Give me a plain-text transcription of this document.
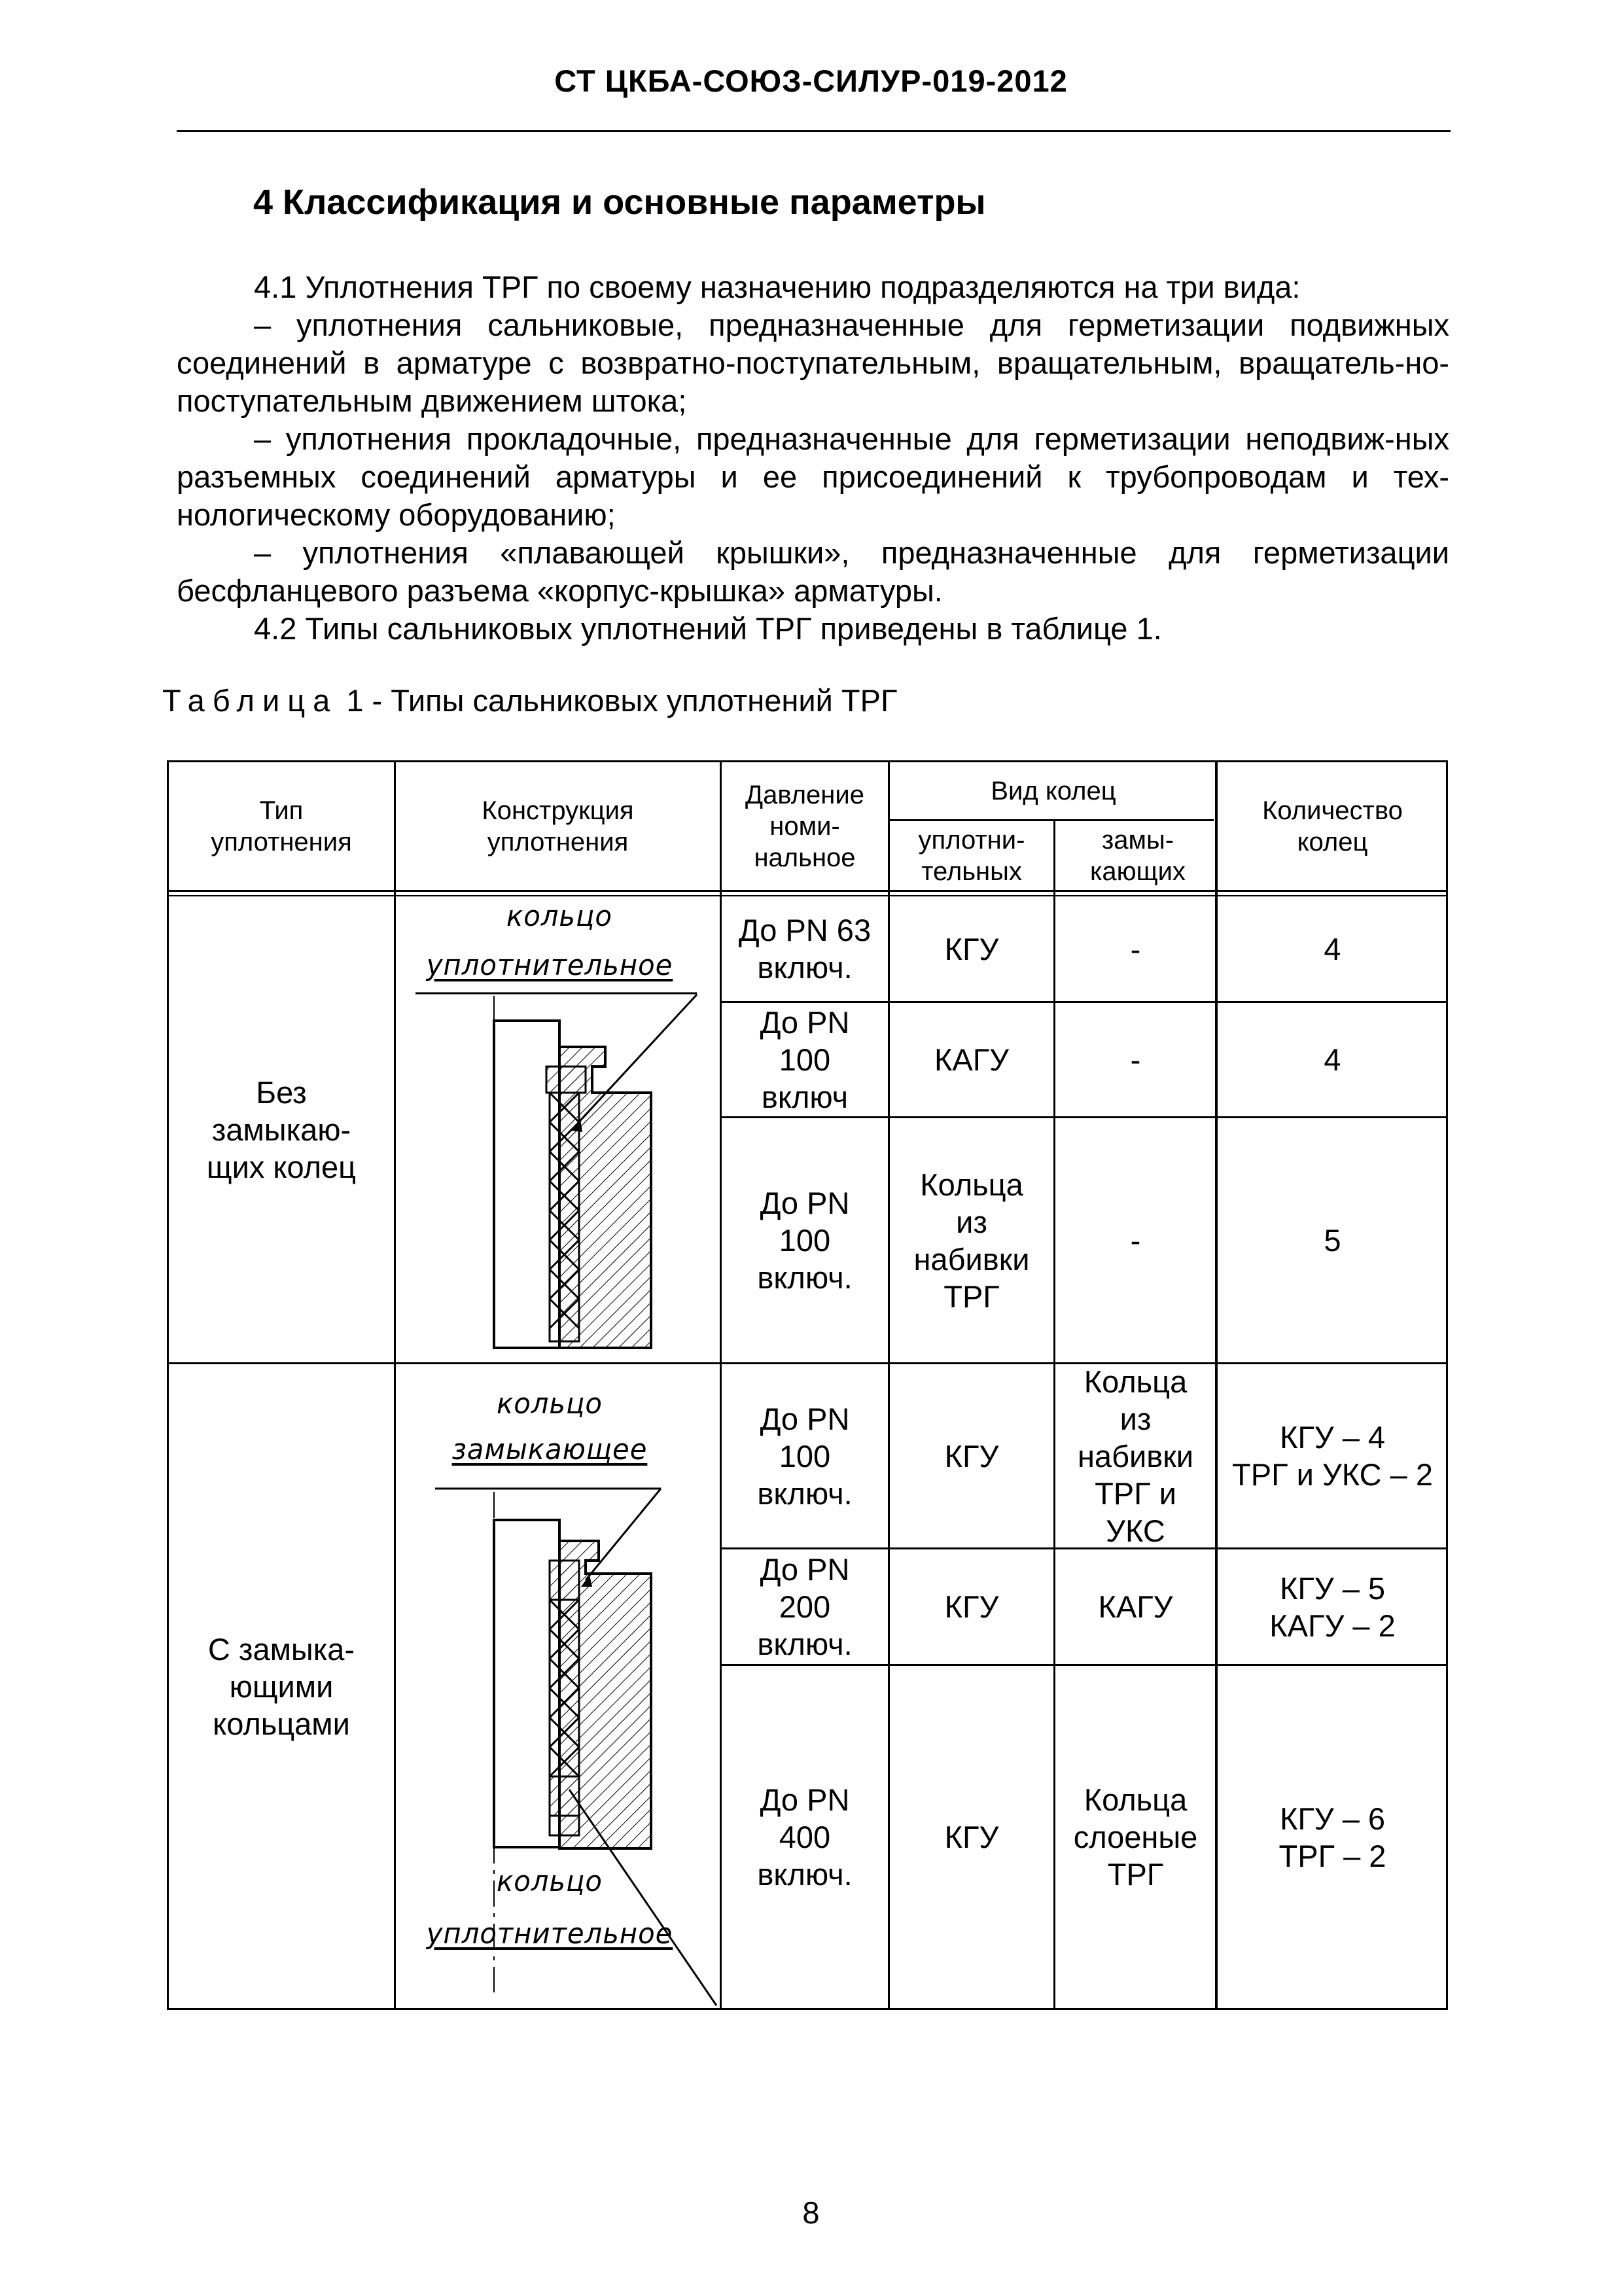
СТ ЦКБА-СОЮЗ-СИЛУР-019-2012
4 Классификация и основные параметры
4.1 Уплотнения ТРГ по своему назначению подразделяются на три вида:
– уплотнения сальниковые, предназначенные для герметизации подвижных соединений в арматуре с возвратно-поступательным, вращательным, вращатель-но-поступательным движением штока;
– уплотнения прокладочные, предназначенные для герметизации неподвиж-ных разъемных соединений арматуры и ее присоединений к трубопроводам и тех-нологическому оборудованию;
– уплотнения «плавающей крышки», предназначенные для герметизации бесфланцевого разъема «корпус-крышка» арматуры.
4.2 Типы сальниковых уплотнений ТРГ приведены в таблице 1.
Таблица 1 - Типы сальниковых уплотнений ТРГ
Тип
уплотнения
Конструкция
уплотнения
Давление
номи-
нальное
Вид колец
уплотни-
тельных
замы-
кающих
Количество
колец
Без
замыкаю-
щих колец
С замыка-
ющими
кольцами
До PN 63
включ.
КГУ	4
До PN
100
включ
КАГУ	4
До PN
100
включ.
Кольца
из
набивки
ТРГ
5
До PN
100
включ.
КГУ
КГУ – 4
ТРГ и УКС – 2
До PN
200
включ.
КГУ
КГУ – 5
КАГУ – 2
До PN
400
включ.
КГУ
КГУ – 6
ТРГ – 2
кольцо
уплотнительное
кольцо
замыкающее
кольцо
уплотнительное
8
-
-
-
Кольца
из
набивки
ТРГ и
УКС
КАГУ
Кольца
слоеные
ТРГ
